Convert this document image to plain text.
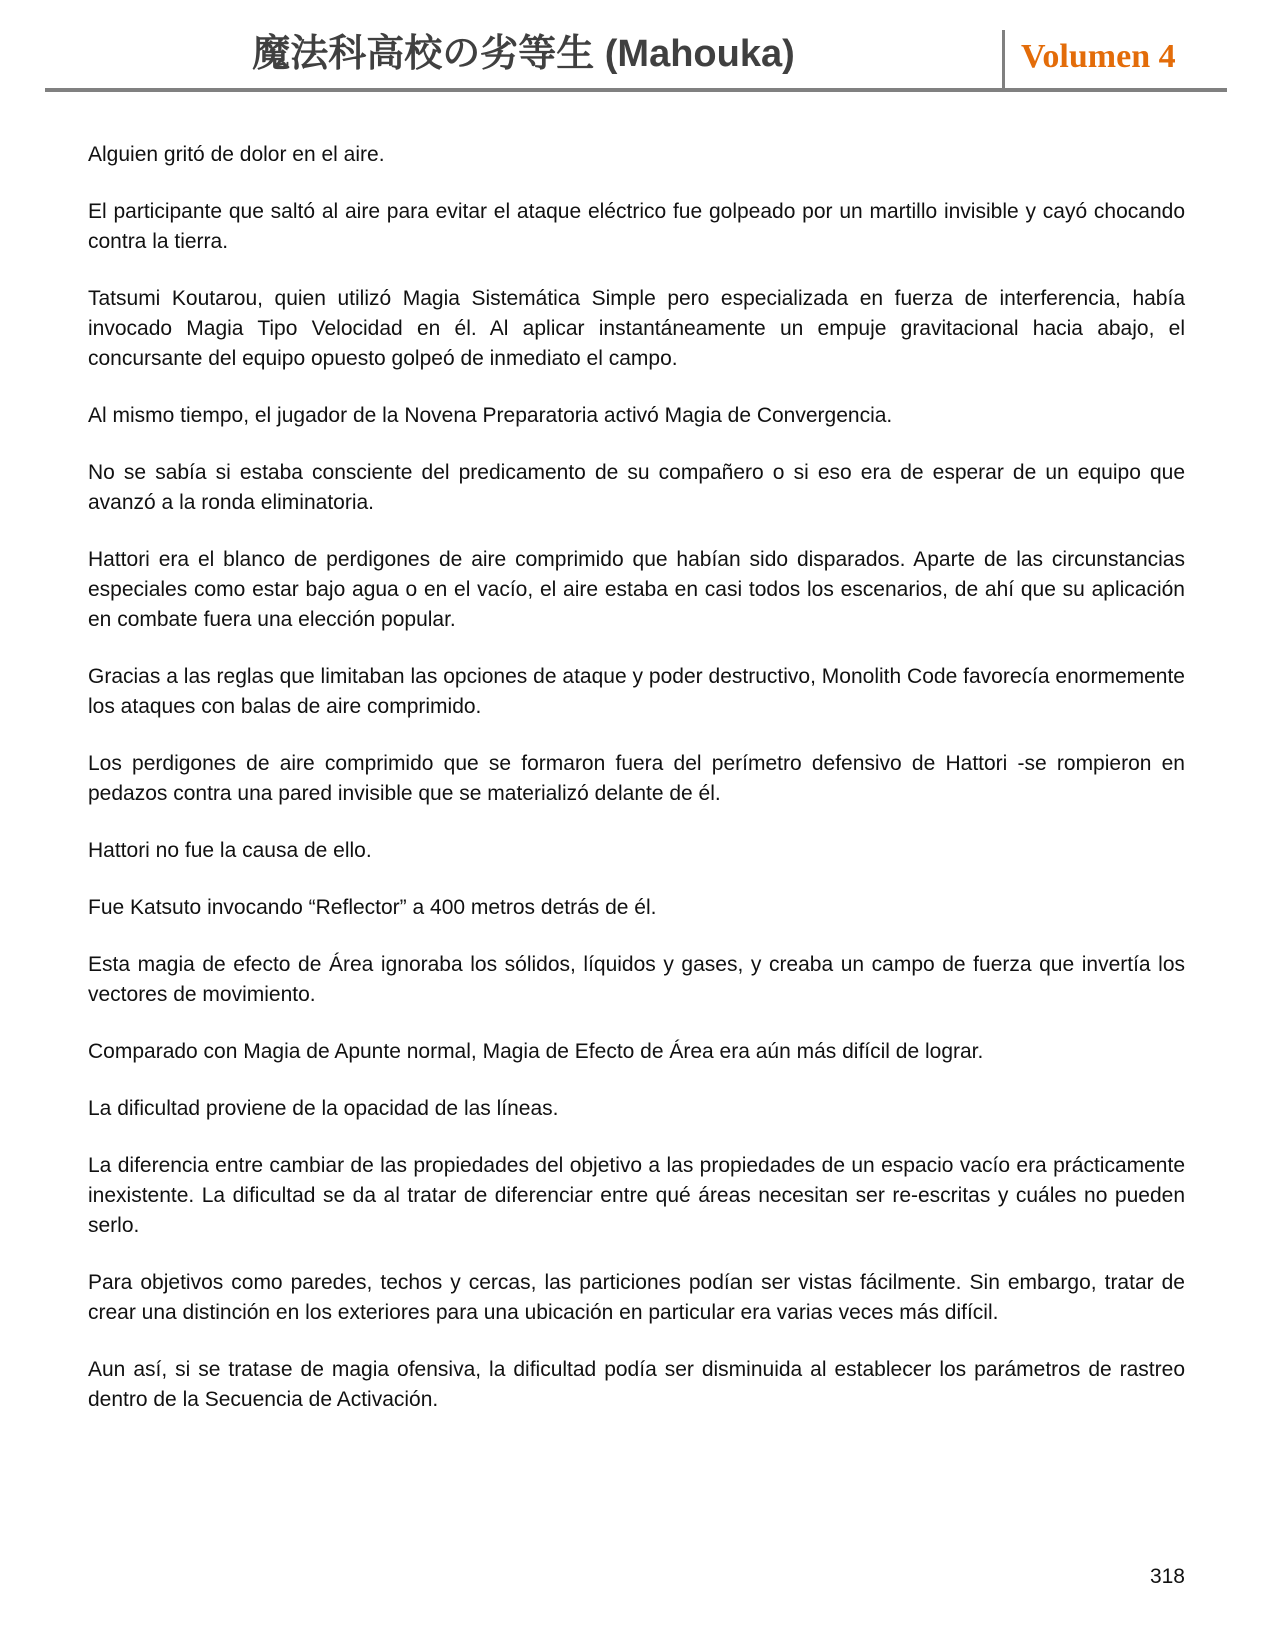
魔法科高校の劣等生 (Mahouka)	Volumen 4

Alguien gritó de dolor en el aire.

El participante que saltó al aire para evitar el ataque eléctrico fue golpeado por un martillo invisible y cayó chocando contra la tierra.

Tatsumi Koutarou, quien utilizó Magia Sistemática Simple pero especializada en fuerza de interferencia, había invocado Magia Tipo Velocidad en él. Al aplicar instantáneamente un empuje gravitacional hacia abajo, el concursante del equipo opuesto golpeó de inmediato el campo.

Al mismo tiempo, el jugador de la Novena Preparatoria activó Magia de Convergencia.

No se sabía si estaba consciente del predicamento de su compañero o si eso era de esperar de un equipo que avanzó a la ronda eliminatoria.

Hattori era el blanco de perdigones de aire comprimido que habían sido disparados. Aparte de las circunstancias especiales como estar bajo agua o en el vacío, el aire estaba en casi todos los escenarios, de ahí que su aplicación en combate fuera una elección popular.

Gracias a las reglas que limitaban las opciones de ataque y poder destructivo, Monolith Code favorecía enormemente los ataques con balas de aire comprimido.

Los perdigones de aire comprimido que se formaron fuera del perímetro defensivo de Hattori -se rompieron en pedazos contra una pared invisible que se materializó delante de él.

Hattori no fue la causa de ello.

Fue Katsuto invocando “Reflector” a 400 metros detrás de él.

Esta magia de efecto de Área ignoraba los sólidos, líquidos y gases, y creaba un campo de fuerza que invertía los vectores de movimiento.

Comparado con Magia de Apunte normal, Magia de Efecto de Área era aún más difícil de lograr.

La dificultad proviene de la opacidad de las líneas.

La diferencia entre cambiar de las propiedades del objetivo a las propiedades de un espacio vacío era prácticamente inexistente. La dificultad se da al tratar de diferenciar entre qué áreas necesitan ser re-escritas y cuáles no pueden serlo.

Para objetivos como paredes, techos y cercas, las particiones podían ser vistas fácilmente. Sin embargo, tratar de crear una distinción en los exteriores para una ubicación en particular era varias veces más difícil.

Aun así, si se tratase de magia ofensiva, la dificultad podía ser disminuida al establecer los parámetros de rastreo dentro de la Secuencia de Activación.

318
